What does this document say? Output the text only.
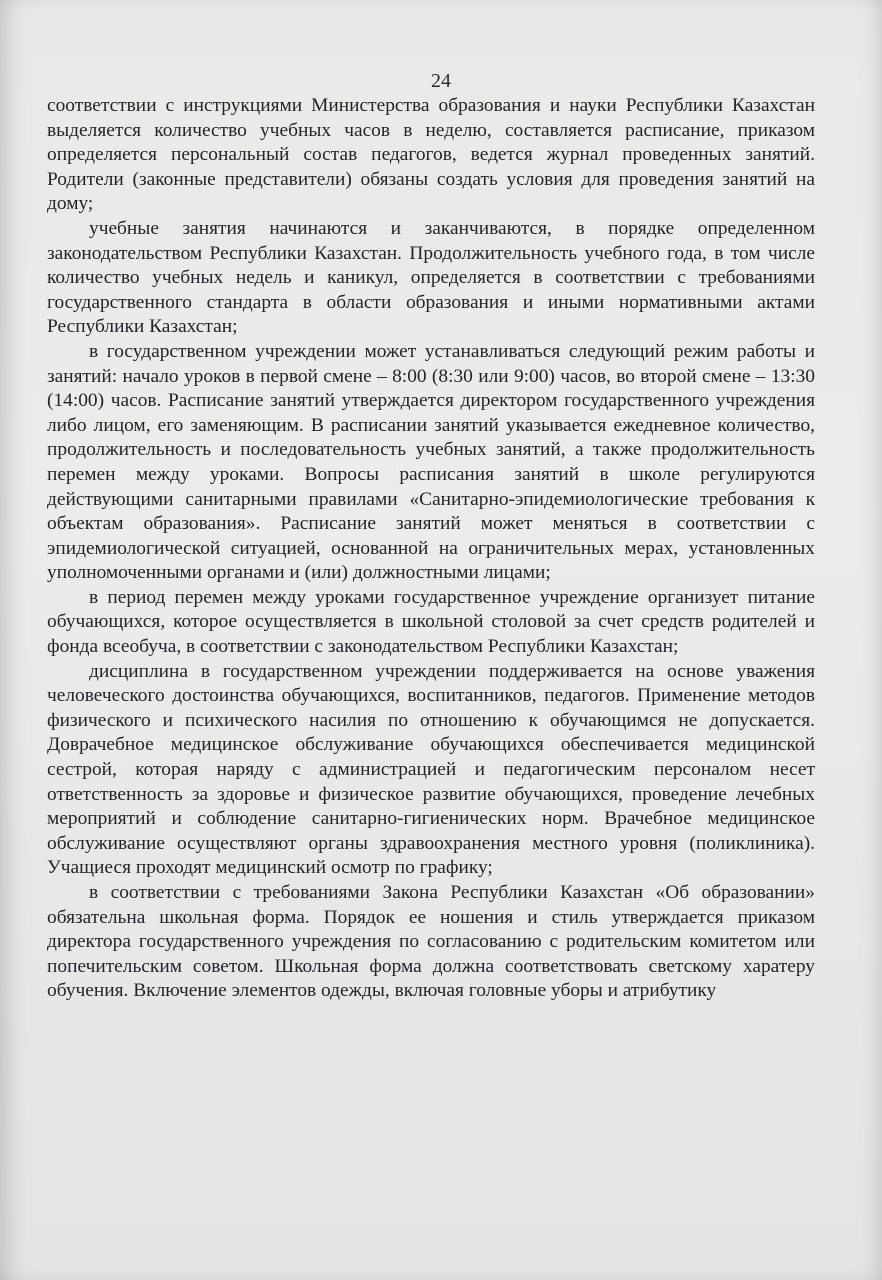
24

соответствии с инструкциями Министерства образования и науки Республики Казахстан выделяется количество учебных часов в неделю, составляется расписание, приказом определяется персональный состав педагогов, ведется журнал проведенных занятий. Родители (законные представители) обязаны создать условия для проведения занятий на дому;

учебные занятия начинаются и заканчиваются, в порядке определенном законодательством Республики Казахстан. Продолжительность учебного года, в том числе количество учебных недель и каникул, определяется в соответствии с требованиями государственного стандарта в области образования и иными нормативными актами Республики Казахстан;

в государственном учреждении может устанавливаться следующий режим работы и занятий: начало уроков в первой смене – 8:00 (8:30 или 9:00) часов, во второй смене – 13:30 (14:00) часов. Расписание занятий утверждается директором государственного учреждения либо лицом, его заменяющим. В расписании занятий указывается ежедневное количество, продолжительность и последовательность учебных занятий, а также продолжительность перемен между уроками. Вопросы расписания занятий в школе регулируются действующими санитарными правилами «Санитарно-эпидемиологические требования к объектам образования». Расписание занятий может меняться в соответствии с эпидемиологической ситуацией, основанной на ограничительных мерах, установленных уполномоченными органами и (или) должностными лицами;

в период перемен между уроками государственное учреждение организует питание обучающихся, которое осуществляется в школьной столовой за счет средств родителей и фонда всеобуча, в соответствии с законодательством Республики Казахстан;

дисциплина в государственном учреждении поддерживается на основе уважения человеческого достоинства обучающихся, воспитанников, педагогов. Применение методов физического и психического насилия по отношению к обучающимся не допускается. Доврачебное медицинское обслуживание обучающихся обеспечивается медицинской сестрой, которая наряду с администрацией и педагогическим персоналом несет ответственность за здоровье и физическое развитие обучающихся, проведение лечебных мероприятий и соблюдение санитарно-гигиенических норм. Врачебное медицинское обслуживание осуществляют органы здравоохранения местного уровня (поликлиника). Учащиеся проходят медицинский осмотр по графику;

в соответствии с требованиями Закона Республики Казахстан «Об образовании» обязательна школьная форма. Порядок ее ношения и стиль утверждается приказом директора государственного учреждения по согласованию с родительским комитетом или попечительским советом. Школьная форма должна соответствовать светскому харатеру обучения. Включение элементов одежды, включая головные уборы и атрибутику
